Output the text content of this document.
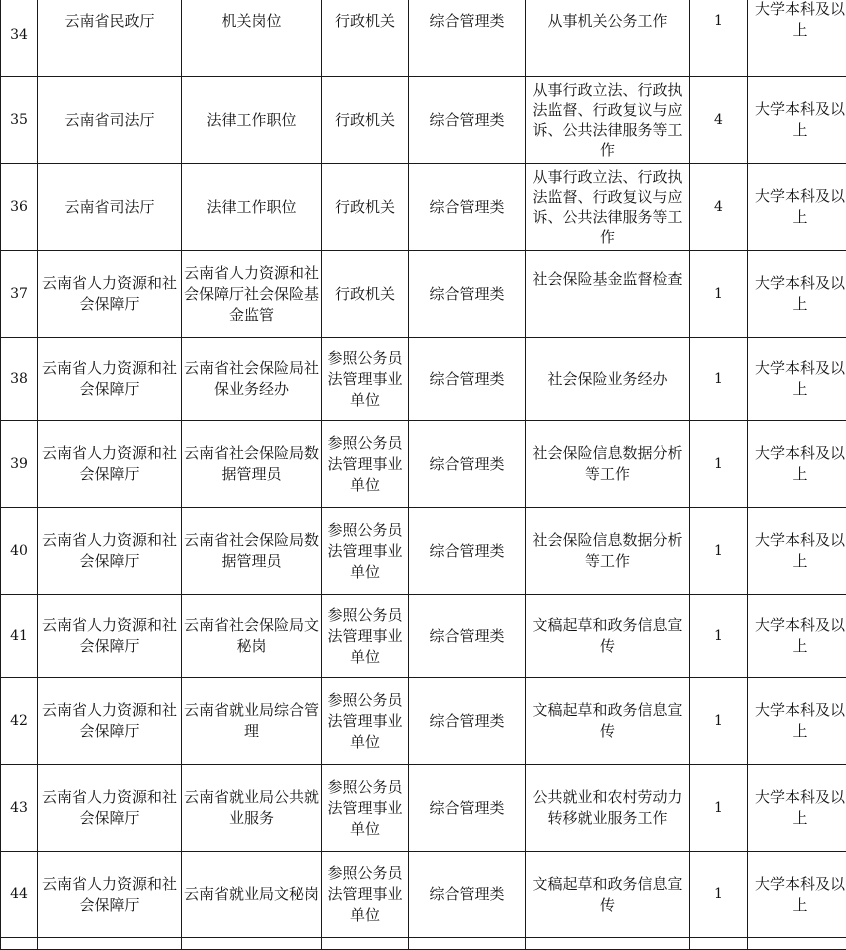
34	云南省民政厅	机关岗位	行政机关	综合管理类	从事机关公务工作	1	大学本科及以上
35	云南省司法厅	法律工作职位	行政机关	综合管理类	从事行政立法、行政执法监督、行政复议与应诉、公共法律服务等工作	4	大学本科及以上
36	云南省司法厅	法律工作职位	行政机关	综合管理类	从事行政立法、行政执法监督、行政复议与应诉、公共法律服务等工作	4	大学本科及以上
37	云南省人力资源和社会保障厅	云南省人力资源和社会保障厅社会保险基金监管	行政机关	综合管理类	社会保险基金监督检查	1	大学本科及以上
38	云南省人力资源和社会保障厅	云南省社会保险局社保业务经办	参照公务员法管理事业单位	综合管理类	社会保险业务经办	1	大学本科及以上
39	云南省人力资源和社会保障厅	云南省社会保险局数据管理员	参照公务员法管理事业单位	综合管理类	社会保险信息数据分析等工作	1	大学本科及以上
40	云南省人力资源和社会保障厅	云南省社会保险局数据管理员	参照公务员法管理事业单位	综合管理类	社会保险信息数据分析等工作	1	大学本科及以上
41	云南省人力资源和社会保障厅	云南省社会保险局文秘岗	参照公务员法管理事业单位	综合管理类	文稿起草和政务信息宣传	1	大学本科及以上
42	云南省人力资源和社会保障厅	云南省就业局综合管理	参照公务员法管理事业单位	综合管理类	文稿起草和政务信息宣传	1	大学本科及以上
43	云南省人力资源和社会保障厅	云南省就业局公共就业服务	参照公务员法管理事业单位	综合管理类	公共就业和农村劳动力转移就业服务工作	1	大学本科及以上
44	云南省人力资源和社会保障厅	云南省就业局文秘岗	参照公务员法管理事业单位	综合管理类	文稿起草和政务信息宣传	1	大学本科及以上
